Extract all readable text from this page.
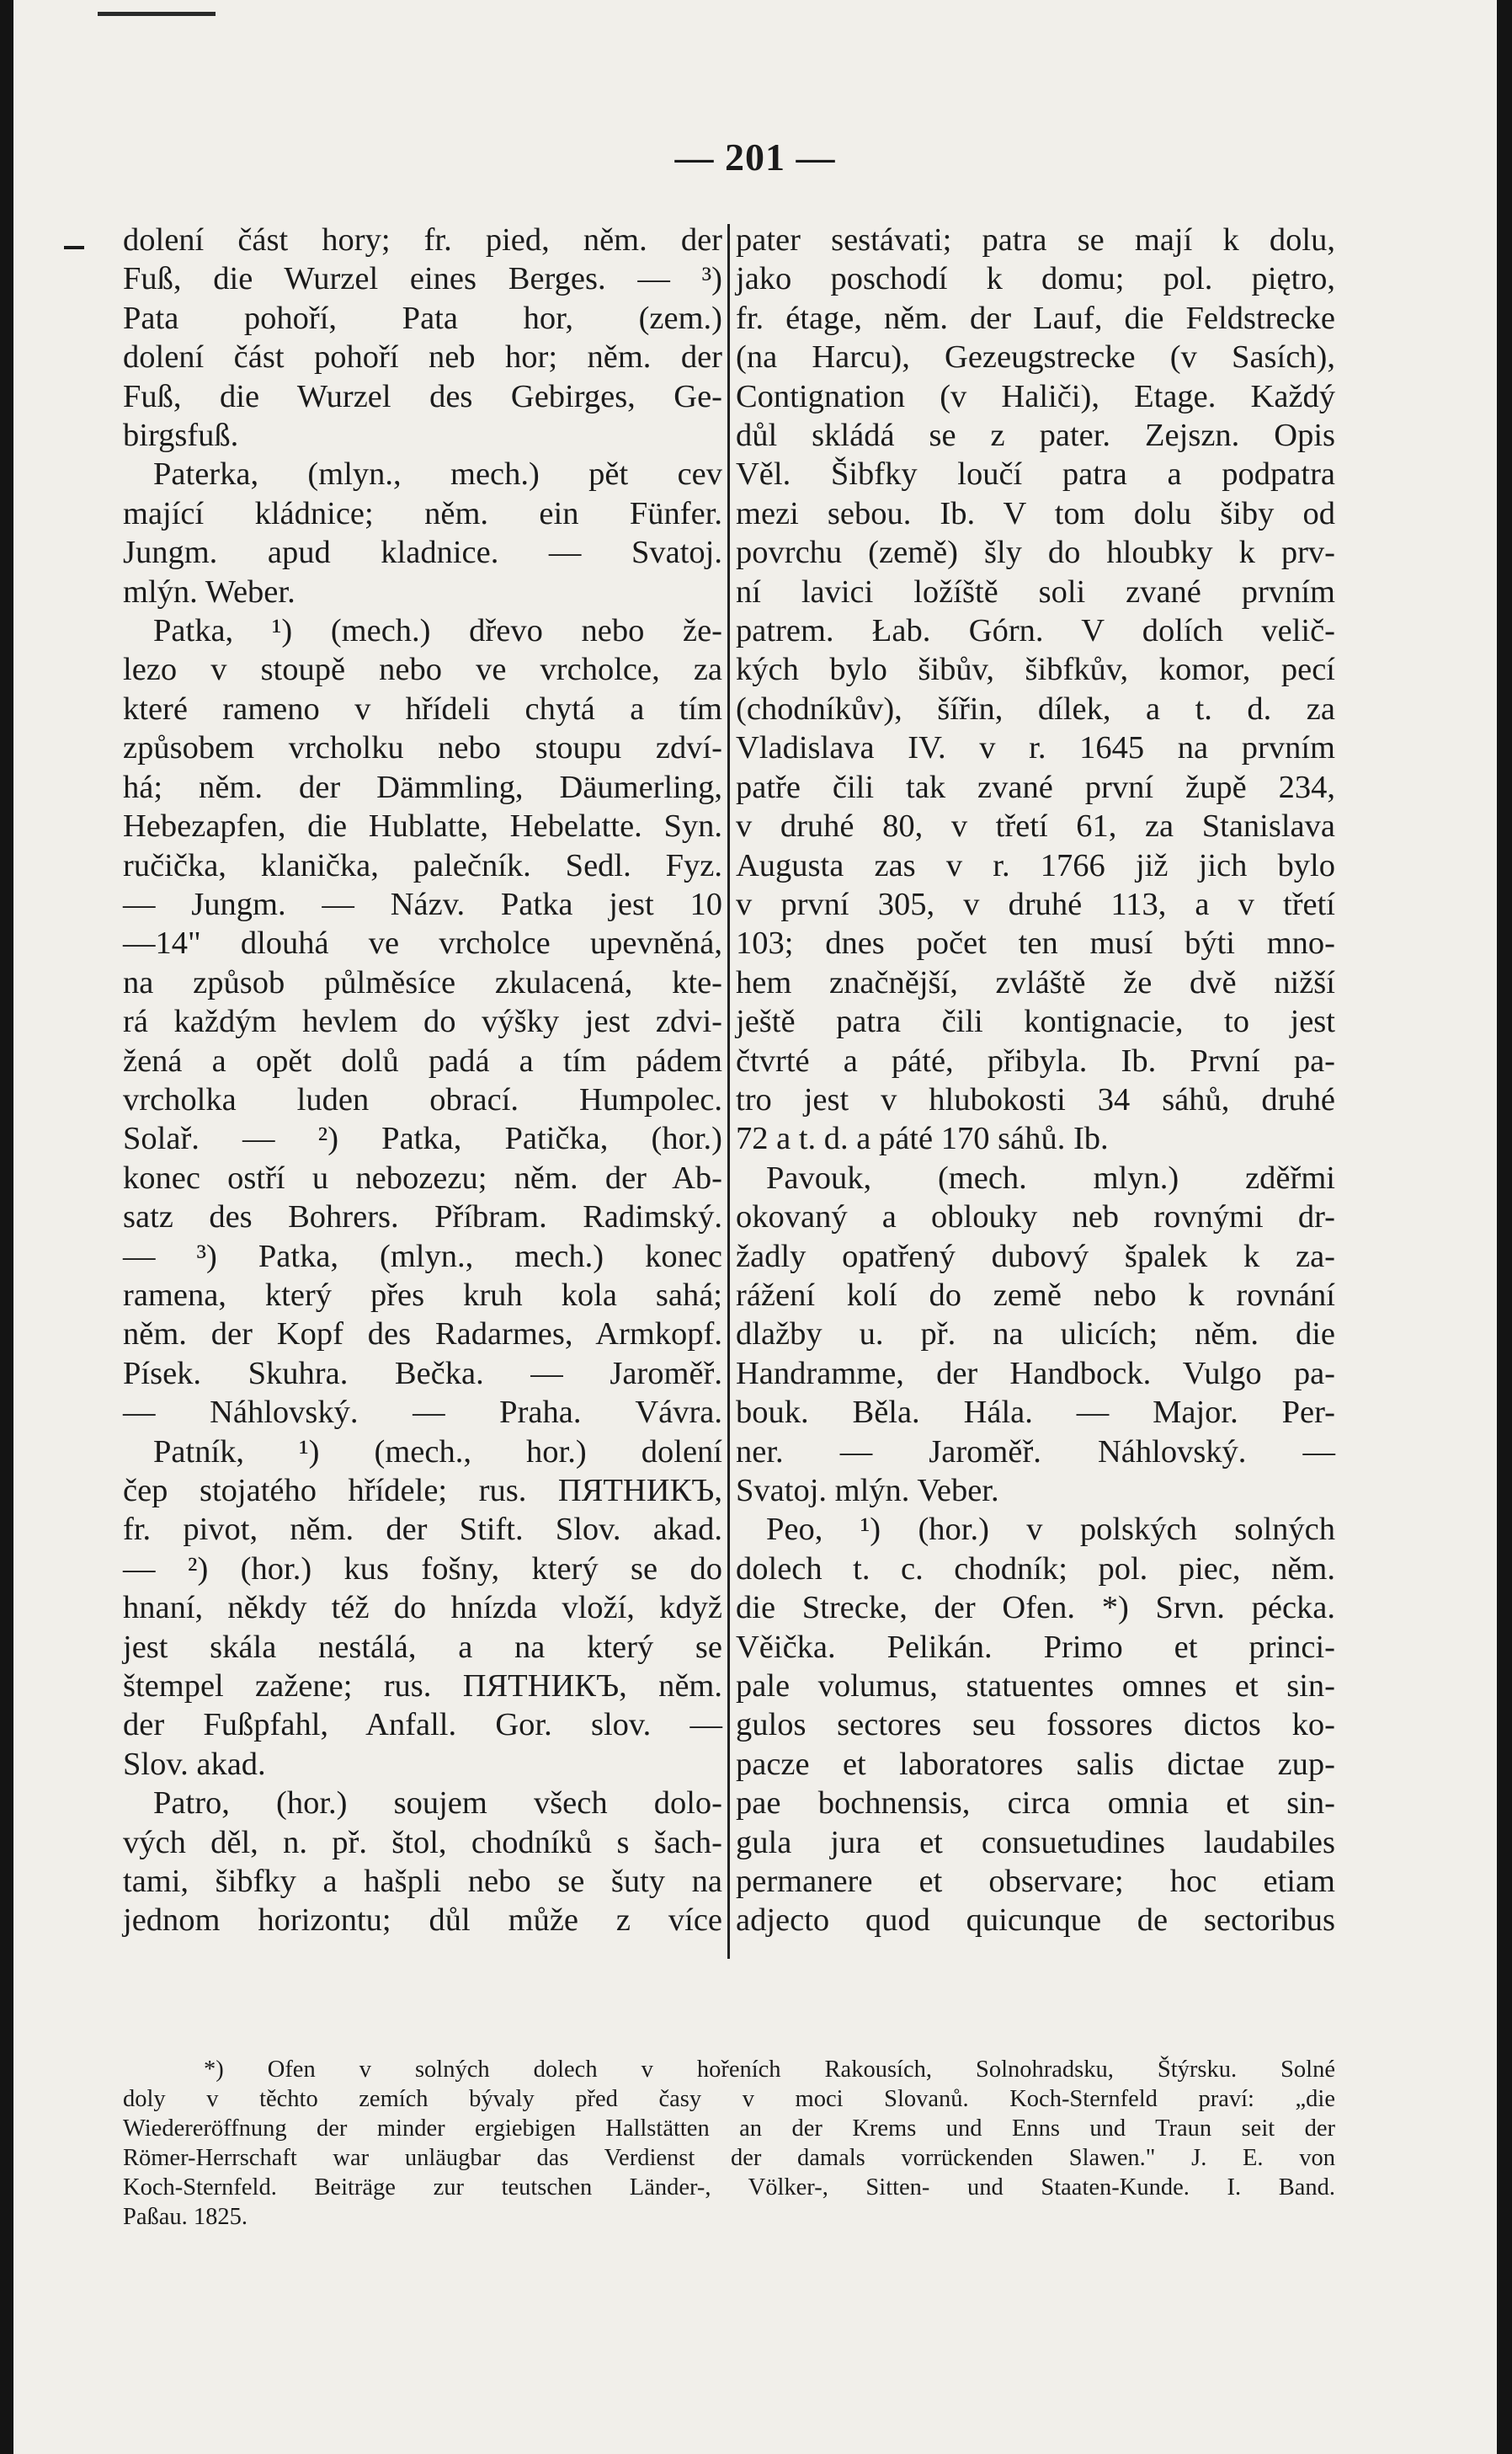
— 201 —
dolení část hory; fr. pied, něm. der
Fuß, die Wurzel eines Berges. — ³)
Pata pohoří, Pata hor, (zem.)
dolení část pohoří neb hor; něm. der
Fuß, die Wurzel des Gebirges, Ge-
birgsfuß.
Paterka, (mlyn., mech.) pět cev
mající kládnice; něm. ein Fünfer.
Jungm. apud kladnice. — Svatoj.
mlýn. Weber.
Patka, ¹) (mech.) dřevo nebo že-
lezo v stoupě nebo ve vrcholce, za
které rameno v hřídeli chytá a tím
způsobem vrcholku nebo stoupu zdví-
há; něm. der Dämmling, Däumerling,
Hebezapfen, die Hublatte, Hebelatte. Syn.
ručička, klanička, palečník. Sedl. Fyz.
— Jungm. — Názv. Patka jest 10
—14" dlouhá ve vrcholce upevněná,
na způsob půlměsíce zkulacená, kte-
rá každým hevlem do výšky jest zdvi-
žená a opět dolů padá a tím pádem
vrcholka luden obrací. Humpolec.
Solař. — ²) Patka, Patička, (hor.)
konec ostří u nebozezu; něm. der Ab-
satz des Bohrers. Příbram. Radimský.
— ³) Patka, (mlyn., mech.) konec
ramena, který přes kruh kola sahá;
něm. der Kopf des Radarmes, Armkopf.
Písek. Skuhra. Bečka. — Jaroměř.
— Náhlovský. — Praha. Vávra.
Patník, ¹) (mech., hor.) dolení
čep stojatého hřídele; rus. ПЯТНИКЪ,
fr. pivot, něm. der Stift. Slov. akad.
— ²) (hor.) kus fošny, který se do
hnaní, někdy též do hnízda vloží, když
jest skála nestálá, a na který se
štempel zažene; rus. ПЯТНИКЪ, něm.
der Fußpfahl, Anfall. Gor. slov. —
Slov. akad.
Patro, (hor.) soujem všech dolo-
vých děl, n. př. štol, chodníků s šach-
tami, šibfky a hašpli nebo se šuty na
jednom horizontu; důl může z více
pater sestávati; patra se mají k dolu,
jako poschodí k domu; pol. piętro,
fr. étage, něm. der Lauf, die Feldstrecke
(na Harcu), Gezeugstrecke (v Sasích),
Contignation (v Haliči), Etage. Každý
důl skládá se z pater. Zejszn. Opis
Věl. Šibfky loučí patra a podpatra
mezi sebou. Ib. V tom dolu šiby od
povrchu (země) šly do hloubky k prv-
ní lavici ložíště soli zvané prvním
patrem. Łab. Górn. V dolích velič-
kých bylo šibův, šibfkův, komor, pecí
(chodníkův), šířin, dílek, a t. d. za
Vladislava IV. v r. 1645 na prvním
patře čili tak zvané první župě 234,
v druhé 80, v třetí 61, za Stanislava
Augusta zas v r. 1766 již jich bylo
v první 305, v druhé 113, a v třetí
103; dnes počet ten musí býti mno-
hem značnější, zvláště že dvě nižší
ještě patra čili kontignacie, to jest
čtvrté a páté, přibyla. Ib. První pa-
tro jest v hlubokosti 34 sáhů, druhé
72 a t. d. a páté 170 sáhů. Ib.
Pavouk, (mech. mlyn.) zděřmi
okovaný a oblouky neb rovnými dr-
žadly opatřený dubový špalek k za-
rážení kolí do země nebo k rovnání
dlažby u. př. na ulicích; něm. die
Handramme, der Handbock. Vulgo pa-
bouk. Běla. Hála. — Major. Per-
ner. — Jaroměř. Náhlovský. —
Svatoj. mlýn. Veber.
Peo, ¹) (hor.) v polských solných
dolech t. c. chodník; pol. piec, něm.
die Strecke, der Ofen. *) Srvn. pécka.
Věička. Pelikán. Primo et princi-
pale volumus, statuentes omnes et sin-
gulos sectores seu fossores dictos ko-
pacze et laboratores salis dictae zup-
pae bochnensis, circa omnia et sin-
gula jura et consuetudines laudabiles
permanere et observare; hoc etiam
adjecto quod quicunque de sectoribus
*) Ofen v solných dolech v hořeních Rakousích, Solnohradsku, Štýrsku. Solné
doly v těchto zemích bývaly před časy v moci Slovanů. Koch-Sternfeld praví: „die
Wiedereröffnung der minder ergiebigen Hallstätten an der Krems und Enns und Traun seit der
Römer-Herrschaft war unläugbar das Verdienst der damals vorrückenden Slawen." J. E. von
Koch-Sternfeld. Beiträge zur teutschen Länder-, Völker-, Sitten- und Staaten-Kunde. I. Band.
Paßau. 1825.
